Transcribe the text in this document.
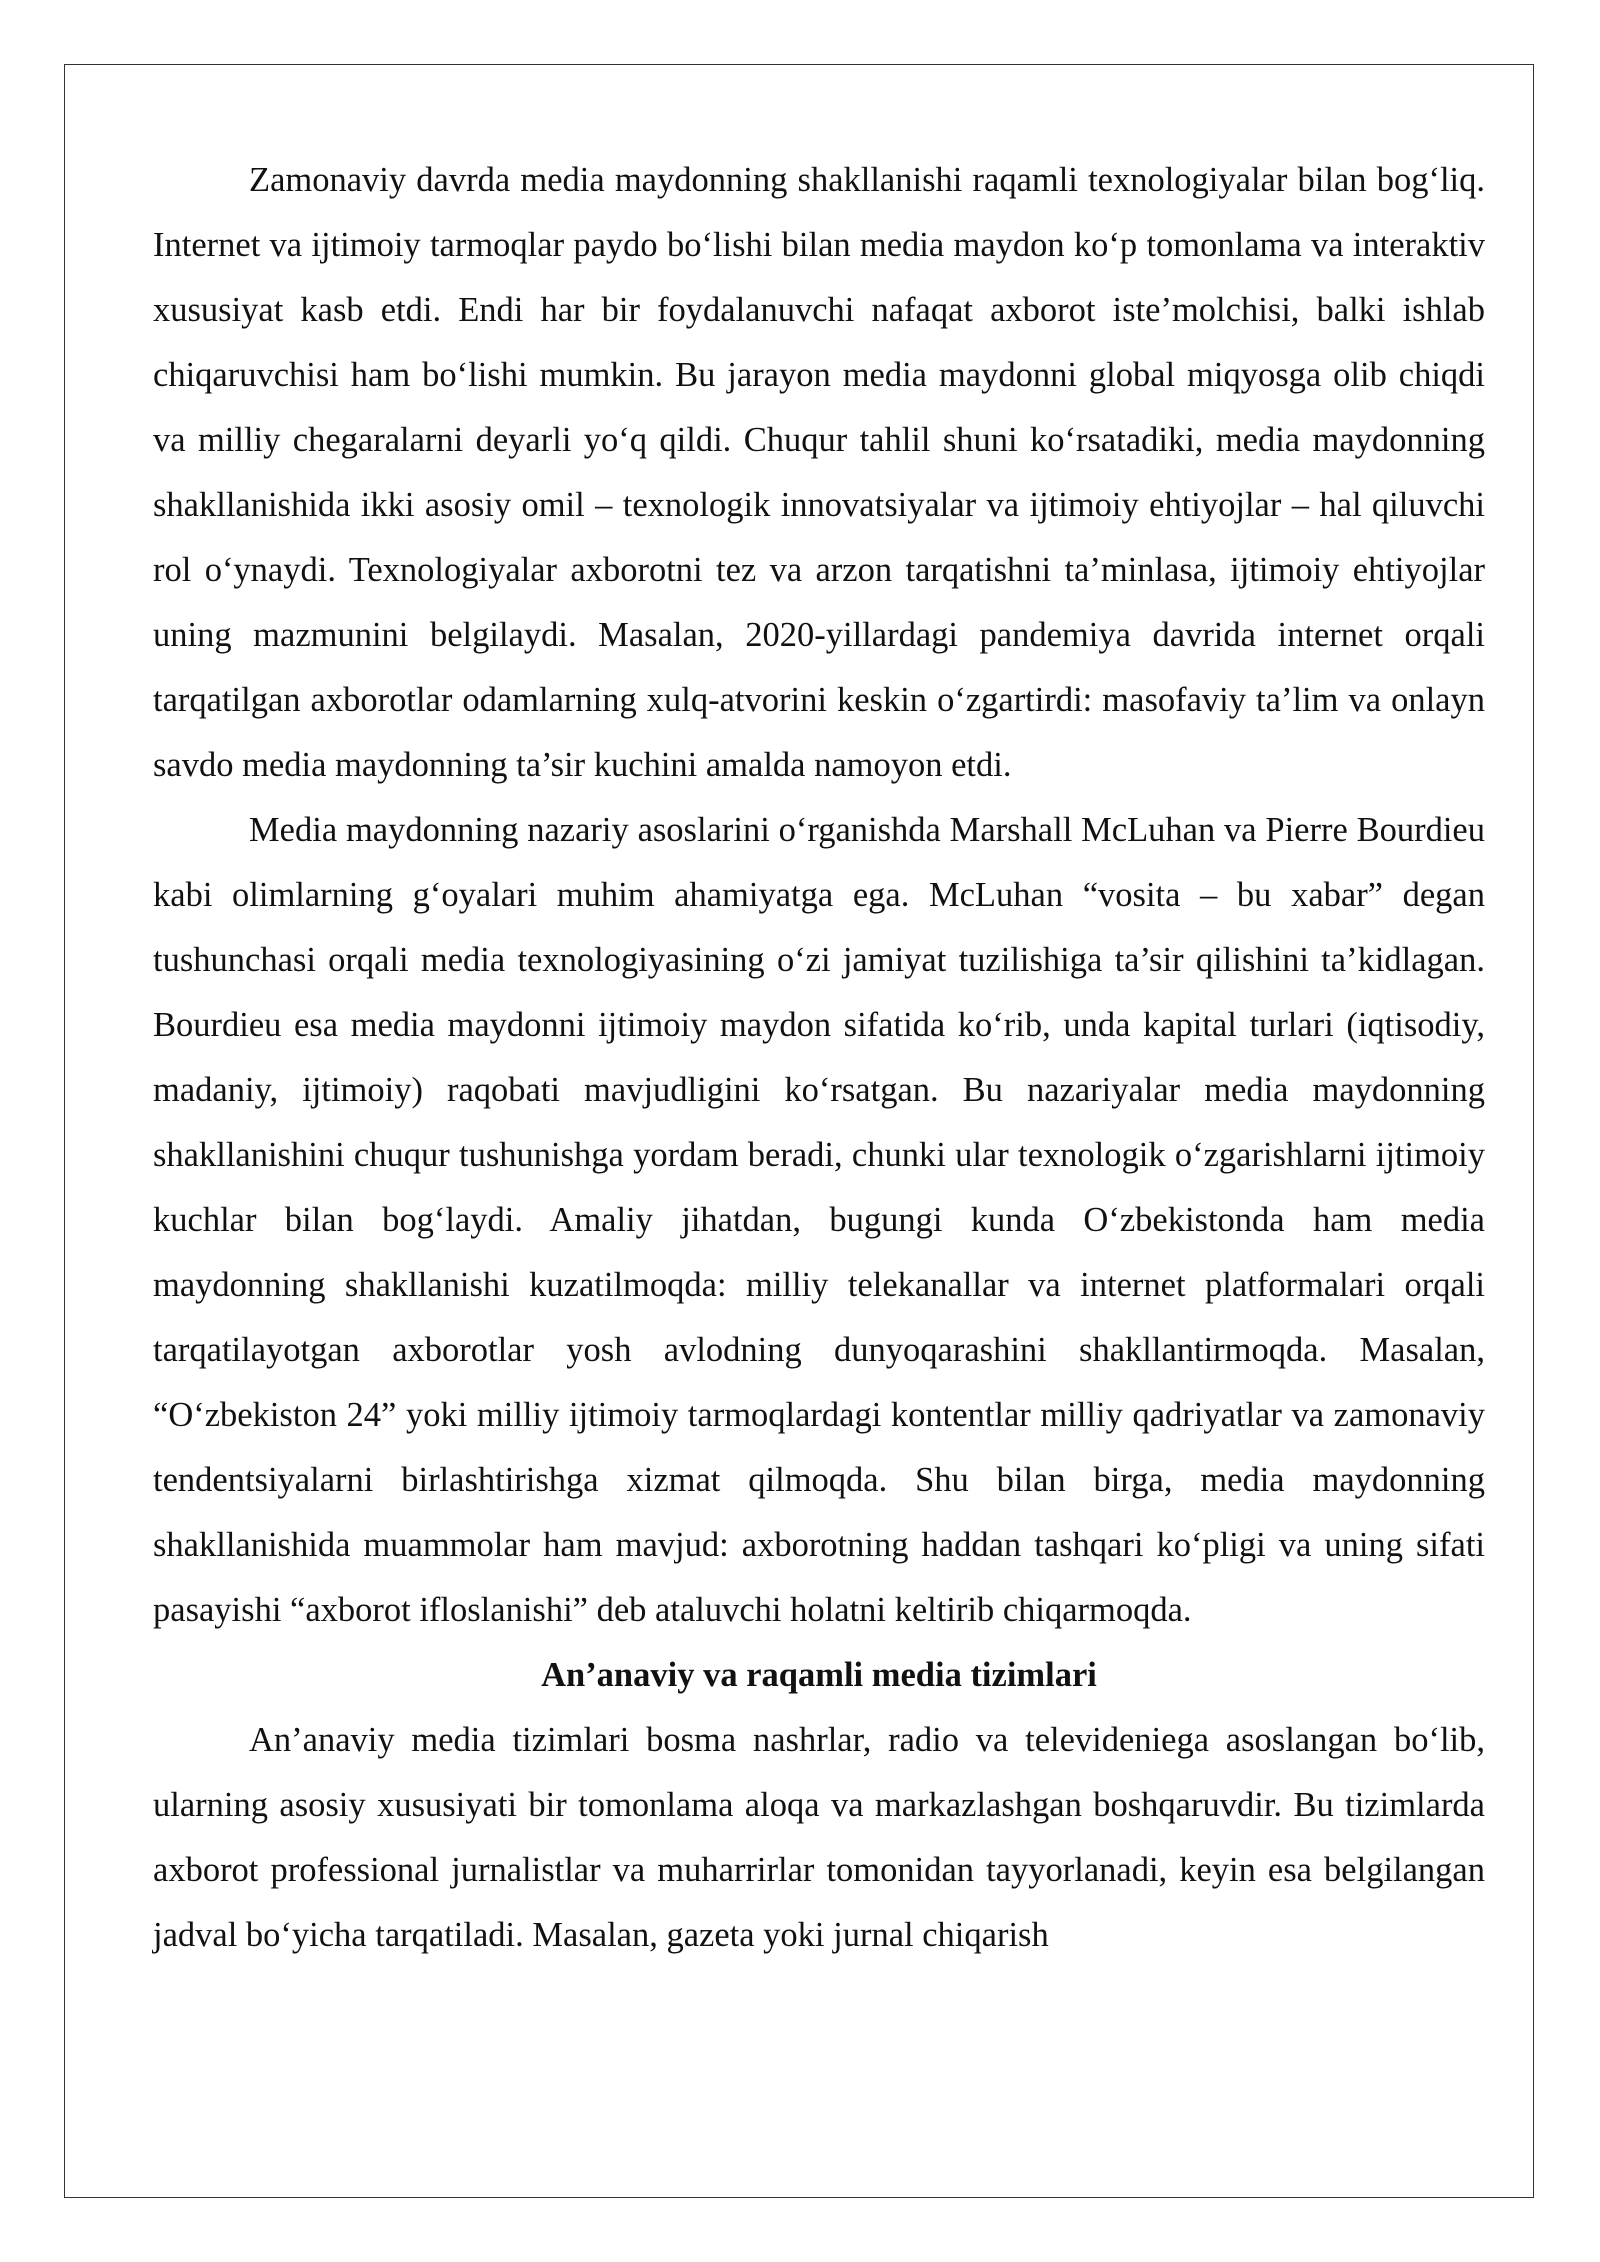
Zamonaviy davrda media maydonning shakllanishi raqamli texnologiyalar bilan bog‘liq. Internet va ijtimoiy tarmoqlar paydo bo‘lishi bilan media maydon ko‘p tomonlama va interaktiv xususiyat kasb etdi. Endi har bir foydalanuvchi nafaqat axborot iste’molchisi, balki ishlab chiqaruvchisi ham bo‘lishi mumkin. Bu jarayon media maydonni global miqyosga olib chiqdi va milliy chegaralarni deyarli yo‘q qildi. Chuqur tahlil shuni ko‘rsatadiki, media maydonning shakllanishida ikki asosiy omil – texnologik innovatsiyalar va ijtimoiy ehtiyojlar – hal qiluvchi rol o‘ynaydi. Texnologiyalar axborotni tez va arzon tarqatishni ta’minlasa, ijtimoiy ehtiyojlar uning mazmunini belgilaydi. Masalan, 2020-yillardagi pandemiya davrida internet orqali tarqatilgan axborotlar odamlarning xulq-atvorini keskin o‘zgartirdi: masofaviy ta’lim va onlayn savdo media maydonning ta’sir kuchini amalda namoyon etdi.

Media maydonning nazariy asoslarini o‘rganishda Marshall McLuhan va Pierre Bourdieu kabi olimlarning g‘oyalari muhim ahamiyatga ega. McLuhan “vosita – bu xabar” degan tushunchasi orqali media texnologiyasining o‘zi jamiyat tuzilishiga ta’sir qilishini ta’kidlagan. Bourdieu esa media maydonni ijtimoiy maydon sifatida ko‘rib, unda kapital turlari (iqtisodiy, madaniy, ijtimoiy) raqobati mavjudligini ko‘rsatgan. Bu nazariyalar media maydonning shakllanishini chuqur tushunishga yordam beradi, chunki ular texnologik o‘zgarishlarni ijtimoiy kuchlar bilan bog‘laydi. Amaliy jihatdan, bugungi kunda O‘zbekistonda ham media maydonning shakllanishi kuzatilmoqda: milliy telekanallar va internet platformalari orqali tarqatilayotgan axborotlar yosh avlodning dunyoqarashini shakllantirmoqda. Masalan, “O‘zbekiston 24” yoki milliy ijtimoiy tarmoqlardagi kontentlar milliy qadriyatlar va zamonaviy tendentsiyalarni birlashtirishga xizmat qilmoqda. Shu bilan birga, media maydonning shakllanishida muammolar ham mavjud: axborotning haddan tashqari ko‘pligi va uning sifati pasayishi “axborot ifloslanishi” deb ataluvchi holatni keltirib chiqarmoqda.

An’anaviy va raqamli media tizimlari

An’anaviy media tizimlari bosma nashrlar, radio va televideniega asoslangan bo‘lib, ularning asosiy xususiyati bir tomonlama aloqa va markazlashgan boshqaruvdir. Bu tizimlarda axborot professional jurnalistlar va muharrirlar tomonidan tayyorlanadi, keyin esa belgilangan jadval bo‘yicha tarqatiladi. Masalan, gazeta yoki jurnal chiqarish
